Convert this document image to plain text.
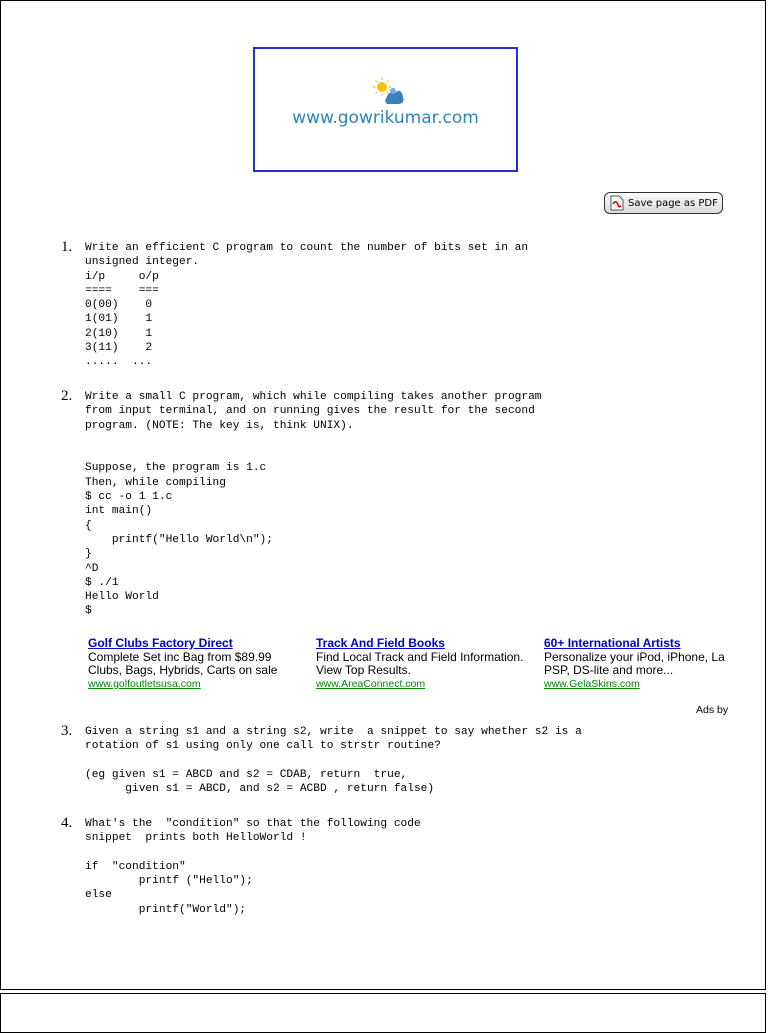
www.gowrikumar.com
Save page as PDF
1. Write an efficient C program to count the number of bits set in an
unsigned integer.
i/p     o/p
====    ===
0(00)    0
1(01)    1
2(10)    1
3(11)    2
.....  ...
2. Write a small C program, which while compiling takes another program
from input terminal, and on running gives the result for the second
program. (NOTE: The key is, think UNIX).

Suppose, the program is 1.c
Then, while compiling
$ cc -o 1 1.c
int main()
{
printf("Hello World\n");
}
^D
$ ./1
Hello World
$
Golf Clubs Factory Direct
Complete Set inc Bag from $89.99
Clubs, Bags, Hybrids, Carts on sale
www.golfoutletsusa.com
Track And Field Books
Find Local Track and Field Information.
View Top Results.
www.AreaConnect.com
60+ International Artists
Personalize your iPod, iPhone, La
PSP, DS-lite and more...
www.GelaSkins.com
Ads by
3. Given a string s1 and a string s2, write  a snippet to say whether s2 is a
rotation of s1 using only one call to strstr routine?

(eg given s1 = ABCD and s2 = CDAB, return  true,
given s1 = ABCD, and s2 = ACBD , return false)
4. What's the  "condition" so that the following code
snippet  prints both HelloWorld !

if  "condition"
printf ("Hello");
else
printf("World");
